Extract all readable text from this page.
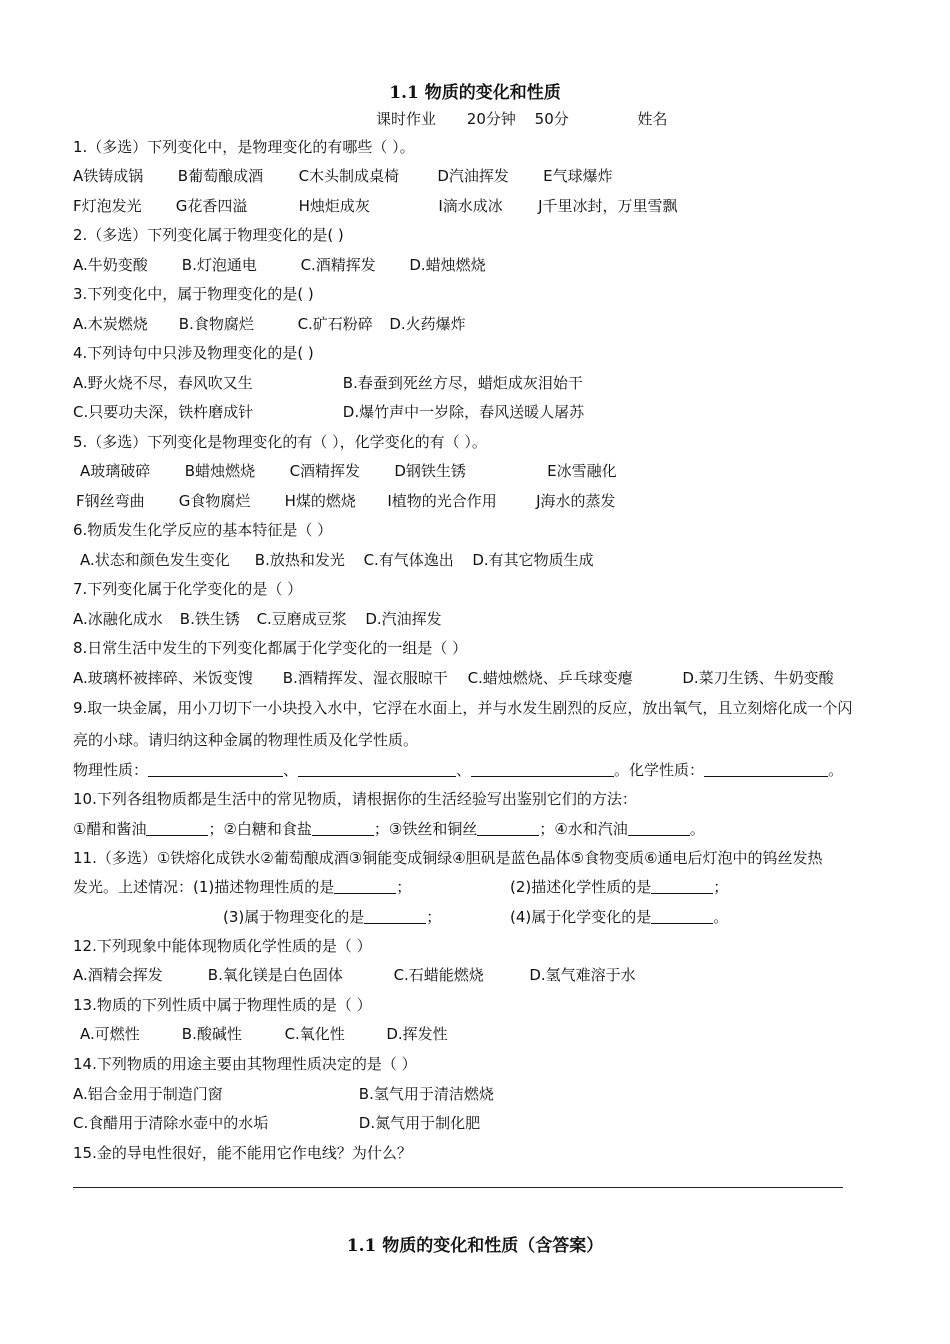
1.1 物质的变化和性质
课时作业 20分钟 50分	姓名
1.（多选）下列变化中，是物理变化的有哪些（ ）。
A铁铸成锅 B葡萄酿成酒 C木头制成桌椅	D汽油挥发 E气球爆炸
F灯泡发光 G花香四溢	H烛炬成灰	I滴水成冰 J千里冰封，万里雪飘
2.（多选）下列变化属于物理变化的是( )
A.牛奶变酸 B.灯泡通电	C.酒精挥发 D.蜡烛燃烧
3.下列变化中，属于物理变化的是( )
A.木炭燃烧 B.食物腐烂	C.矿石粉碎 D.火药爆炸
4.下列诗句中只涉及物理变化的是( )
A.野火烧不尽，春风吹又生	B.春蚕到死丝方尽，蜡炬成灰泪始干
C.只要功夫深，铁杵磨成针	D.爆竹声中一岁除，春风送暖人屠苏
5.（多选）下列变化是物理变化的有（ ），化学变化的有（ ）。
A玻璃破碎 B蜡烛燃烧 C酒精挥发 D钢铁生锈	E冰雪融化
F钢丝弯曲 G食物腐烂 H煤的燃烧 I植物的光合作用	J海水的蒸发
6.物质发生化学反应的基本特征是（ ）
A.状态和颜色发生变化 B.放热和发光 C.有气体逸出 D.有其它物质生成
7.下列变化属于化学变化的是（ ）
A.冰融化成水 B.铁生锈 C.豆磨成豆浆 D.汽油挥发
8.日常生活中发生的下列变化都属于化学变化的一组是（ ）
A.玻璃杯被摔碎、米饭变馊 B.酒精挥发、湿衣服晾干 C.蜡烛燃烧、乒乓球变瘪	D.菜刀生锈、牛奶变酸
9.取一块金属，用小刀切下一小块投入水中，它浮在水面上，并与水发生剧烈的反应，放出氧气，且立刻熔化成一个闪
亮的小球。请归纳这种金属的物理性质及化学性质。
物理性质：	、	、	。化学性质：	。
10.下列各组物质都是生活中的常见物质，请根据你的生活经验写出鉴别它们的方法：
①醋和酱油	；②白糖和食盐	；③铁丝和铜丝	；④水和汽油	。
11.（多选）①铁熔化成铁水②葡萄酿成酒③铜能变成铜绿④胆矾是蓝色晶体⑤食物变质⑥通电后灯泡中的钨丝发热
发光。上述情况：(1)描述物理性质的是	；	(2)描述化学性质的是	；
(3)属于物理变化的是	；	(4)属于化学变化的是	。
12.下列现象中能体现物质化学性质的是（ ）
A.酒精会挥发	B.氧化镁是白色固体	C.石蜡能燃烧	D.氢气难溶于水
13.物质的下列性质中属于物理性质的是（ ）
A.可燃性	B.酸碱性	C.氧化性	D.挥发性
14.下列物质的用途主要由其物理性质决定的是（ ）
A.铝合金用于制造门窗	B.氢气用于清洁燃烧
C.食醋用于清除水壶中的水垢	D.氮气用于制化肥
15.金的导电性很好，能不能用它作电线？为什么？
1.1 物质的变化和性质（含答案）
